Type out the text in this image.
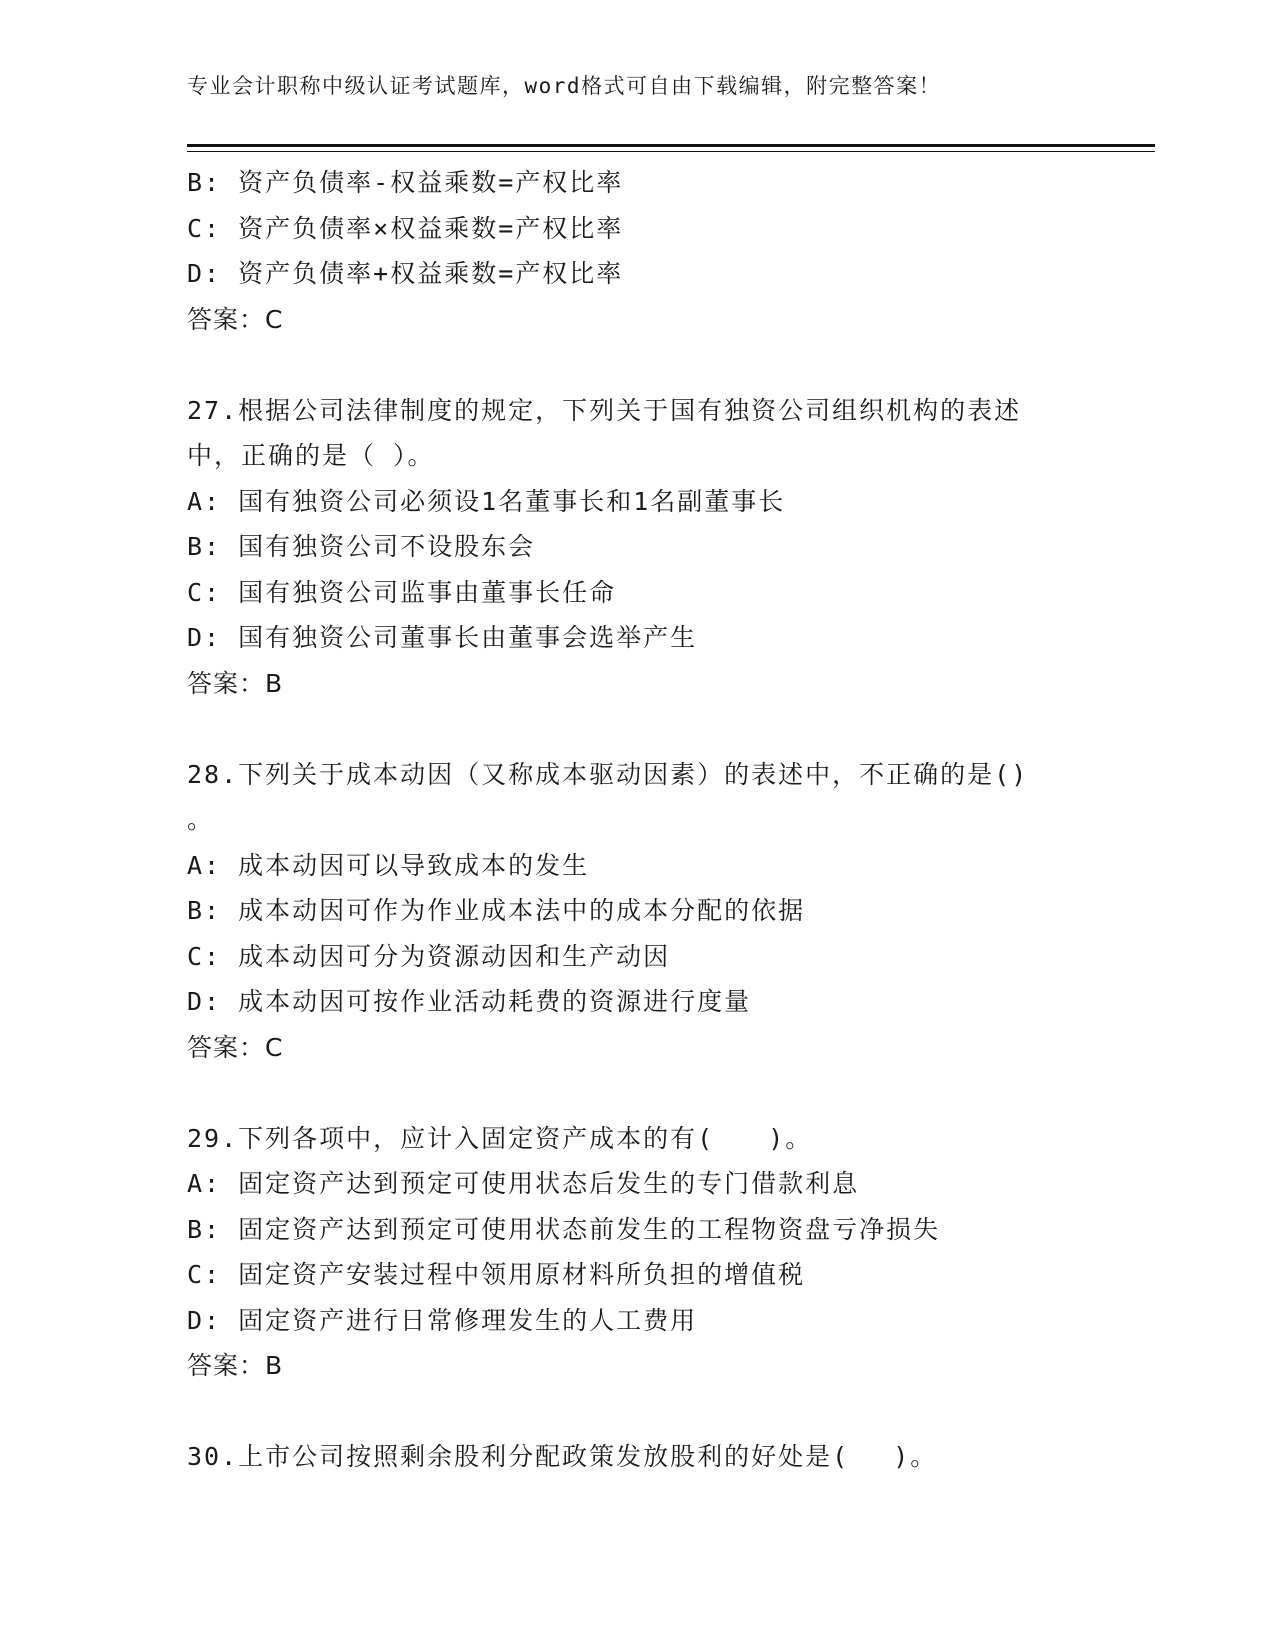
专业会计职称中级认证考试题库，word格式可自由下载编辑，附完整答案！
B: 资产负债率-权益乘数=产权比率
C: 资产负债率×权益乘数=产权比率
D: 资产负债率+权益乘数=产权比率
答案：C
27.根据公司法律制度的规定，下列关于国有独资公司组织机构的表述
中，正确的是（ ）。
A: 国有独资公司必须设1名董事长和1名副董事长
B: 国有独资公司不设股东会
C: 国有独资公司监事由董事长任命
D: 国有独资公司董事长由董事会选举产生
答案：B
28.下列关于成本动因（又称成本驱动因素）的表述中，不正确的是()
。
A: 成本动因可以导致成本的发生
B: 成本动因可作为作业成本法中的成本分配的依据
C: 成本动因可分为资源动因和生产动因
D: 成本动因可按作业活动耗费的资源进行度量
答案：C
29.下列各项中，应计入固定资产成本的有(　　)。
A: 固定资产达到预定可使用状态后发生的专门借款利息
B: 固定资产达到预定可使用状态前发生的工程物资盘亏净损失
C: 固定资产安装过程中领用原材料所负担的增值税
D: 固定资产进行日常修理发生的人工费用
答案：B
30.上市公司按照剩余股利分配政策发放股利的好处是(　 )。
